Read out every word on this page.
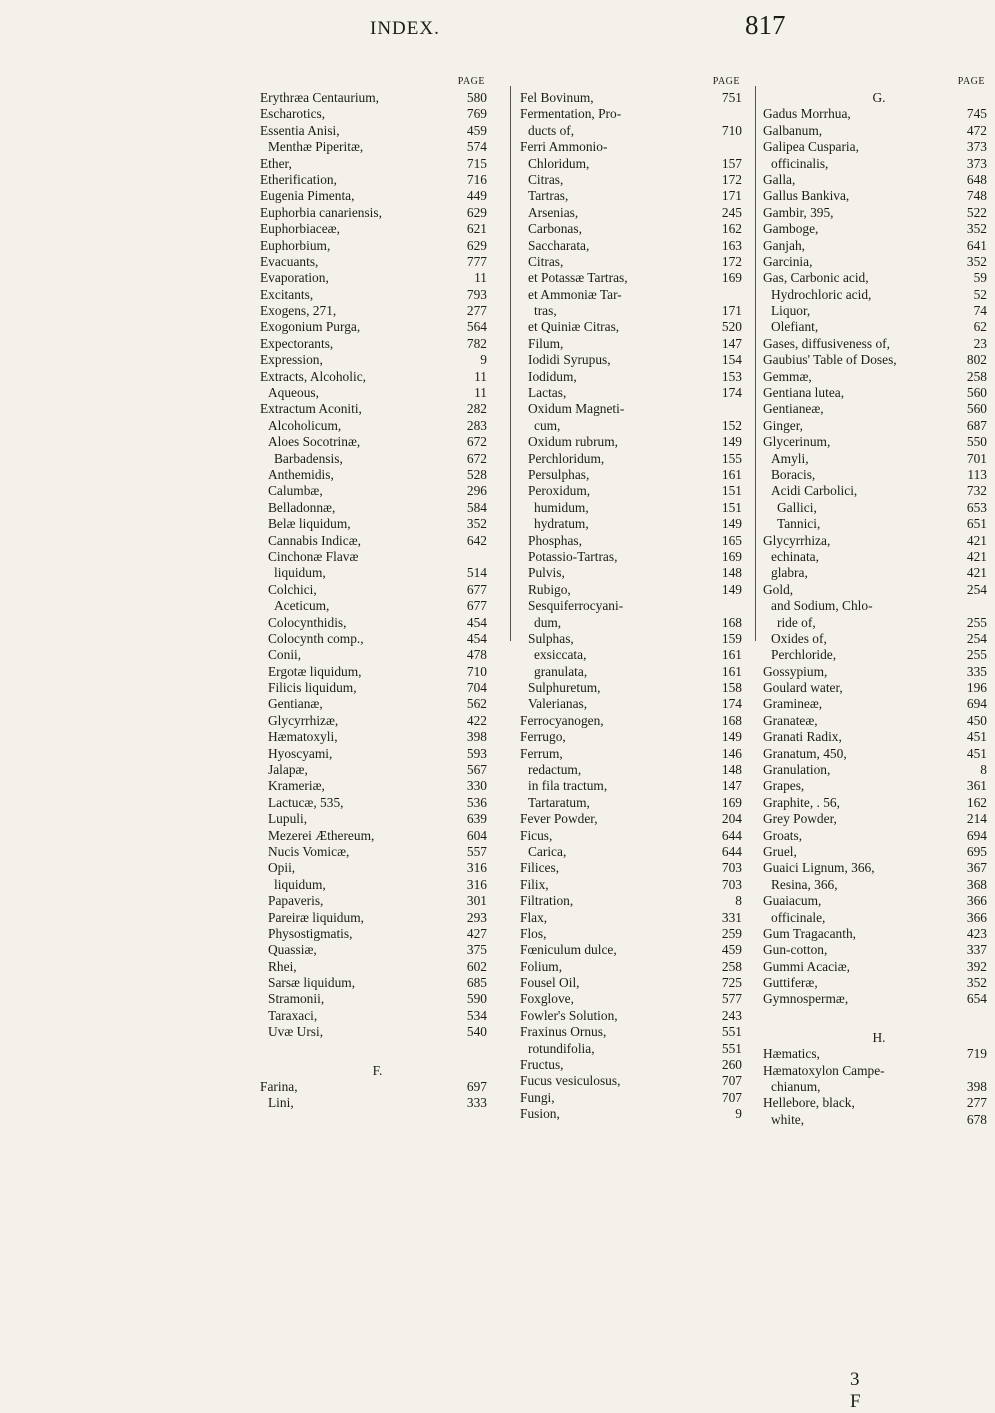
INDEX.	817
PAGE
Erythræa Centaurium,	580
Escharotics,	769
Essentia Anisi,	459
Menthæ Piperitæ,	574
Ether,	715
Etherification,	716
Eugenia Pimenta,	449
Euphorbia canariensis,	629
Euphorbiaceæ,	621
Euphorbium,	629
Evacuants,	777
Evaporation,	11
Excitants,	793
Exogens, 271,	277
Exogonium Purga,	564
Expectorants,	782
Expression,	9
Extracts, Alcoholic,	11
Aqueous,	11
Extractum Aconiti,	282
Alcoholicum,	283
Aloes Socotrinæ,	672
Barbadensis,	672
Anthemidis,	528
Calumbæ,	296
Belladonnæ,	584
Belæ liquidum,	352
Cannabis Indicæ,	642
Cinchonæ Flavæ
liquidum,	514
Colchici,	677
Aceticum,	677
Colocynthidis,	454
Colocynth comp.,	454
Conii,	478
Ergotæ liquidum,	710
Filicis liquidum,	704
Gentianæ,	562
Glycyrrhizæ,	422
Hæmatoxyli,	398
Hyoscyami,	593
Jalapæ,	567
Krameriæ,	330
Lactucæ, 535,	536
Lupuli,	639
Mezerei Æthereum,	604
Nucis Vomicæ,	557
Opii,	316
liquidum,	316
Papaveris,	301
Pareiræ liquidum,	293
Physostigmatis,	427
Quassiæ,	375
Rhei,	602
Sarsæ liquidum,	685
Stramonii,	590
Taraxaci,	534
Uvæ Ursi,	540
F.
Farina,	697
Lini,	333
PAGE
Fel Bovinum,	751
Fermentation, Pro-
ducts of,	710
Ferri Ammonio-
Chloridum,	157
Citras,	172
Tartras,	171
Arsenias,	245
Carbonas,	162
Saccharata,	163
Citras,	172
et Potassæ Tartras,	169
et Ammoniæ Tar-
tras,	171
et Quiniæ Citras,	520
Filum,	147
Iodidi Syrupus,	154
Iodidum,	153
Lactas,	174
Oxidum Magneti-
cum,	152
Oxidum rubrum,	149
Perchloridum,	155
Persulphas,	161
Peroxidum,	151
humidum,	151
hydratum,	149
Phosphas,	165
Potassio-Tartras,	169
Pulvis,	148
Rubigo,	149
Sesquiferrocyani-
dum,	168
Sulphas,	159
exsiccata,	161
granulata,	161
Sulphuretum,	158
Valerianas,	174
Ferrocyanogen,	168
Ferrugo,	149
Ferrum,	146
redactum,	148
in fila tractum,	147
Tartaratum,	169
Fever Powder,	204
Ficus,	644
Carica,	644
Filices,	703
Filix,	703
Filtration,	8
Flax,	331
Flos,	259
Fœniculum dulce,	459
Folium,	258
Fousel Oil,	725
Foxglove,	577
Fowler's Solution,	243
Fraxinus Ornus,	551
rotundifolia,	551
Fructus,	260
Fucus vesiculosus,	707
Fungi,	707
Fusion,	9
PAGE
G.
Gadus Morrhua,	745
Galbanum,	472
Galipea Cusparia,	373
officinalis,	373
Galla,	648
Gallus Bankiva,	748
Gambir, 395,	522
Gamboge,	352
Ganjah,	641
Garcinia,	352
Gas, Carbonic acid,	59
Hydrochloric acid,	52
Liquor,	74
Olefiant,	62
Gases, diffusiveness of,	23
Gaubius' Table of Doses,	802
Gemmæ,	258
Gentiana lutea,	560
Gentianeæ,	560
Ginger,	687
Glycerinum,	550
Amyli,	701
Boracis,	113
Acidi Carbolici,	732
Gallici,	653
Tannici,	651
Glycyrrhiza,	421
echinata,	421
glabra,	421
Gold,	254
and Sodium, Chlo-
ride of,	255
Oxides of,	254
Perchloride,	255
Gossypium,	335
Goulard water,	196
Gramineæ,	694
Granateæ,	450
Granati Radix,	451
Granatum, 450,	451
Granulation,	8
Grapes,	361
Graphite, . 56,	162
Grey Powder,	214
Groats,	694
Gruel,	695
Guaici Lignum, 366,	367
Resina, 366,	368
Guaiacum,	366
officinale,	366
Gum Tragacanth,	423
Gun-cotton,	337
Gummi Acaciæ,	392
Guttiferæ,	352
Gymnospermæ,	654
H.
Hæmatics,	719
Hæmatoxylon Campe-
chianum,	398
Hellebore, black,	277
white,	678
3 F
